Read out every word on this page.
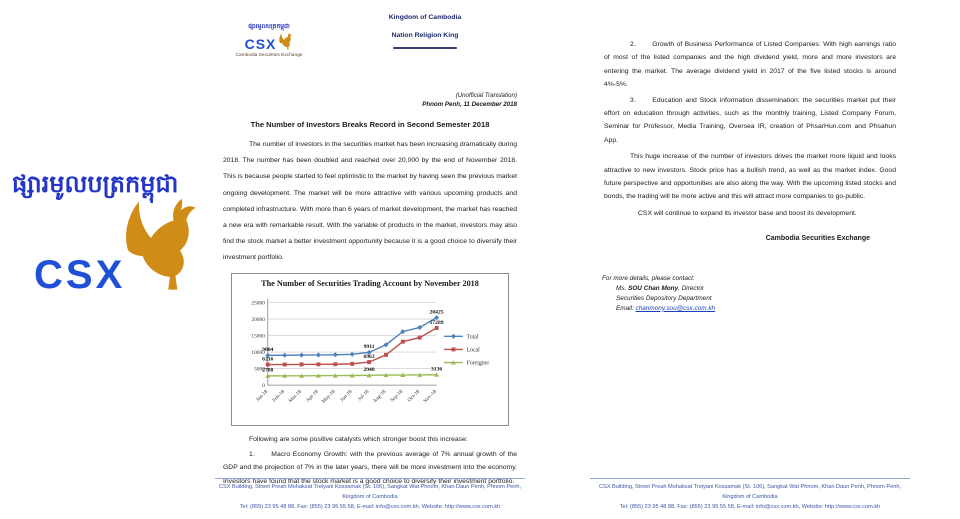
ផ្សារមូលបត្រកម្ពុជា
CSX
ផ្សារមូលបត្រកម្ពុជា
CSX
Cambodia Securities Exchange
Kingdom of Cambodia
Nation Religion King
(Unofficial Translation)
Phnom Penh, 11 December 2018
The Number of Investors Breaks Record in Second Semester 2018

The number of investors in the securities market has been increasing dramatically during 2018. The number has been doubled and reached over 20,000 by the end of November 2018. This is because people started to feel optimistic to the market by having seen the previous market ongoing development. The market will be more attractive with various upcoming products and completed infrastructure. With more than 6 years of market development, the market has reached a new era with remarkable result. With the variable of products in the market, investors may also find the stock market a better investment opportunity because it is a good choice to diversify their investment portfolio.

The Number of Securities Trading Account by November 2018
0
5000
10000
15000
20000
25000
Jan-18 Feb-18 Mar-18 Apr-18 May-18 Jun-18 Jul-18 Aug-18 Sep-18 Oct-18 Nov-18
9004	9911
20425
6216	6963
17289
2788	2948	3136
Total
Local
Foreigner

Following are some positive catalysts which stronger boost this increase:

1. Macro Economy Growth: with the previous average of 7% annual growth of the GDP and the projection of 7% in the later years, there will be more investment into the economy. Investors have found that the stock market is a good choice to diversify their investment portfolio.

CSX Building, Street Preah Mohaksat Treiyani Kossamak (St. 106), Sangkat Wat Phnom, Khan Daun Penh, Phnom Penh, Kingdom of Cambodia
Tel: (855) 23 95 48 88, Fax: (855) 23 95 55 58, E-mail: info@csx.com.kh, Website: http://www.csx.com.kh

2. Growth of Business Performance of Listed Companies: With high earnings ratio of most of the listed companies and the high dividend yield, more and more investors are entering the market. The average dividend yield in 2017 of the five listed stocks is around 4%-5%.

3. Education and Stock information dissemination: the securities market put their effort on education through activities, such as the monthly training, Listed Company Forum, Seminar for Professor, Media Training, Oversea IR, creation of PhsarHun.com and Phsahun App.

This huge increase of the number of investors drives the market more liquid and looks attractive to new investors. Stock price has a bullish trend, as well as the market index. Good future perspective and opportunities are also along the way. With the upcoming listed stocks and bonds, the trading will be more active and this will attract more companies to go-public.

CSX will continue to expand its investor base and boost its development.

Cambodia Securities Exchange
For more details, please contact:
Ms. SOU Chan Mony, Director
Securities Depository Department
Email: chanmony.sou@csx.com.kh
CSX Building, Street Preah Mohaksat Treiyani Kossamak (St. 106), Sangkat Wat Phnom, Khan Daun Penh, Phnom Penh, Kingdom of Cambodia
Tel: (855) 23 95 48 88, Fax: (855) 23 95 55 58, E-mail: info@csx.com.kh, Website: http://www.csx.com.kh
